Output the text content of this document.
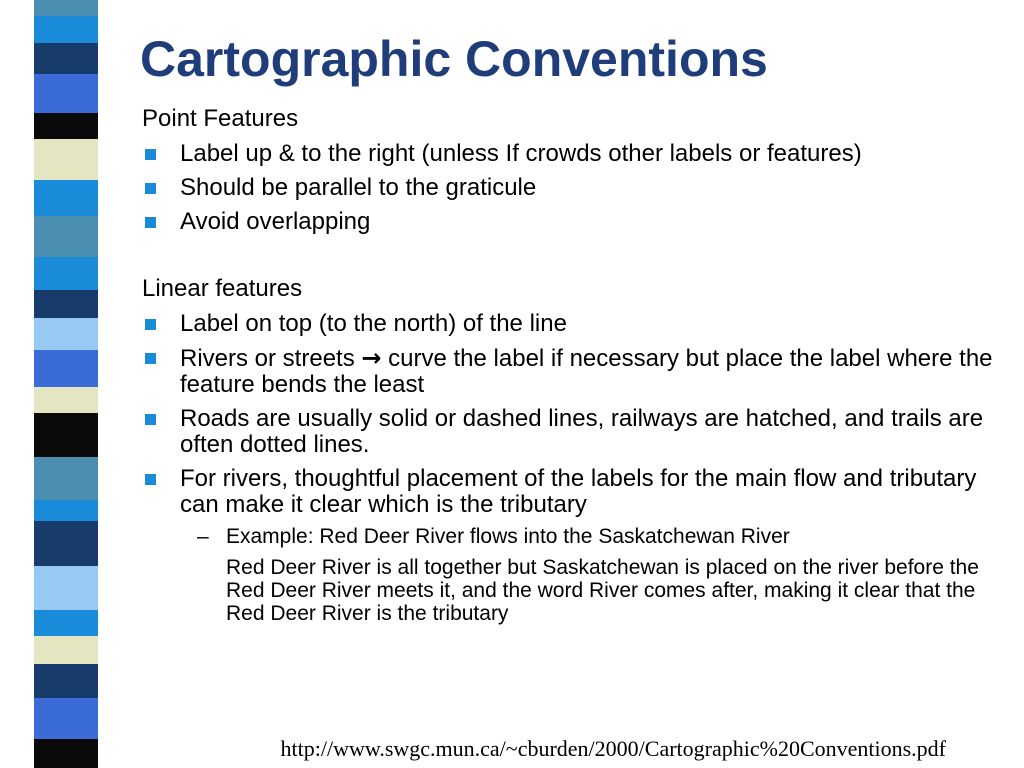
Cartographic Conventions
Point Features
Label up & to the right (unless If crowds other labels or features)
Should be parallel to the graticule
Avoid overlapping
Linear features
Label on top (to the north) of the line
Rivers or streets → curve the label if necessary but place the label where the feature bends the least
Roads are usually solid or dashed lines, railways are hatched, and trails are often dotted lines.
For rivers, thoughtful placement of the labels for the main flow and tributary can make it clear which is the tributary
– Example: Red Deer River flows into the Saskatchewan River
Red Deer River is all together but Saskatchewan is placed on the river before the Red Deer River meets it, and the word River comes after, making it clear that the Red Deer River is the tributary
http://www.swgc.mun.ca/~cburden/2000/Cartographic%20Conventions.pdf
